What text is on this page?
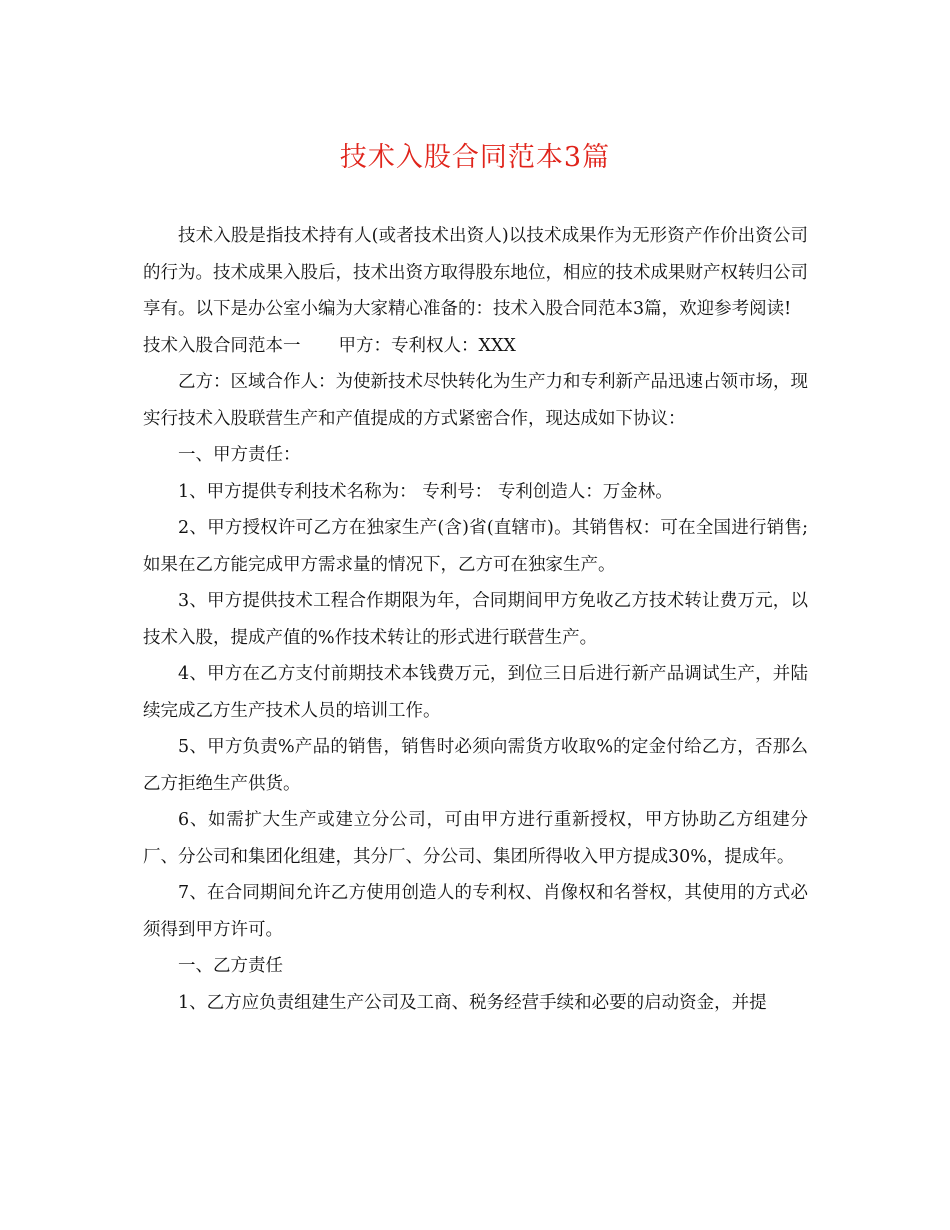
技术入股合同范本3篇

技术入股是指技术持有人(或者技术出资人)以技术成果作为无形资产作价出资公司的行为。技术成果入股后，技术出资方取得股东地位，相应的技术成果财产权转归公司享有。以下是办公室小编为大家精心准备的：技术入股合同范本3篇，欢迎参考阅读!

技术入股合同范本一 甲方：专利权人：XXX

乙方：区域合作人：为使新技术尽快转化为生产力和专利新产品迅速占领市场，现实行技术入股联营生产和产值提成的方式紧密合作，现达成如下协议：

一、甲方责任：

1、甲方提供专利技术名称为： 专利号： 专利创造人：万金林。

2、甲方授权许可乙方在独家生产(含)省(直辖市)。其销售权：可在全国进行销售;如果在乙方能完成甲方需求量的情况下，乙方可在独家生产。

3、甲方提供技术工程合作期限为年，合同期间甲方免收乙方技术转让费万元，以技术入股，提成产值的%作技术转让的形式进行联营生产。

4、甲方在乙方支付前期技术本钱费万元，到位三日后进行新产品调试生产，并陆续完成乙方生产技术人员的培训工作。

5、甲方负责%产品的销售，销售时必须向需货方收取%的定金付给乙方，否那么乙方拒绝生产供货。

6、如需扩大生产或建立分公司，可由甲方进行重新授权，甲方协助乙方组建分厂、分公司和集团化组建，其分厂、分公司、集团所得收入甲方提成30%，提成年。

7、在合同期间允许乙方使用创造人的专利权、肖像权和名誉权，其使用的方式必须得到甲方许可。

一、乙方责任

1、乙方应负责组建生产公司及工商、税务经营手续和必要的启动资金，并提
